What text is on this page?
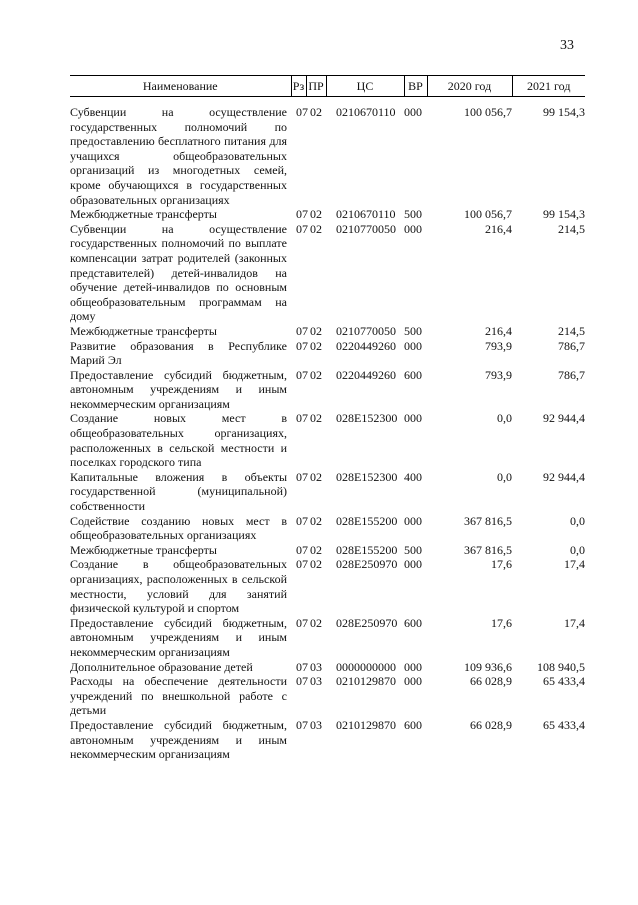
33
Наименование	Рз	ПР	ЦС	ВР	2020 год	2021 год
Субвенции на осуществление государственных полномочий по предоставлению бесплатного питания для учащихся общеобразовательных организаций из многодетных семей, кроме обучающихся в государственных образовательных организациях	07	02	0210670110	000	100 056,7	99 154,3
Межбюджетные трансферты	07	02	0210670110	500	100 056,7	99 154,3
Субвенции на осуществление государственных полномочий по выплате компенсации затрат родителей (законных представителей) детей-инвалидов на обучение детей-инвалидов по основным общеобразовательным программам на дому	07	02	0210770050	000	216,4	214,5
Межбюджетные трансферты	07	02	0210770050	500	216,4	214,5
Развитие образования в Республике Марий Эл	07	02	0220449260	000	793,9	786,7
Предоставление субсидий бюджетным, автономным учреждениям и иным некоммерческим организациям	07	02	0220449260	600	793,9	786,7
Создание новых мест в общеобразовательных организациях, расположенных в сельской местности и поселках городского типа	07	02	028E152300	000	0,0	92 944,4
Капитальные вложения в объекты государственной (муниципальной) собственности	07	02	028E152300	400	0,0	92 944,4
Содействие созданию новых мест в общеобразовательных организациях	07	02	028E155200	000	367 816,5	0,0
Межбюджетные трансферты	07	02	028E155200	500	367 816,5	0,0
Создание в общеобразовательных организациях, расположенных в сельской местности, условий для занятий физической культурой и спортом	07	02	028E250970	000	17,6	17,4
Предоставление субсидий бюджетным, автономным учреждениям и иным некоммерческим организациям	07	02	028E250970	600	17,6	17,4
Дополнительное образование детей	07	03	0000000000	000	109 936,6	108 940,5
Расходы на обеспечение деятельности учреждений по внешкольной работе с детьми	07	03	0210129870	000	66 028,9	65 433,4
Предоставление субсидий бюджетным, автономным учреждениям и иным некоммерческим организациям	07	03	0210129870	600	66 028,9	65 433,4
